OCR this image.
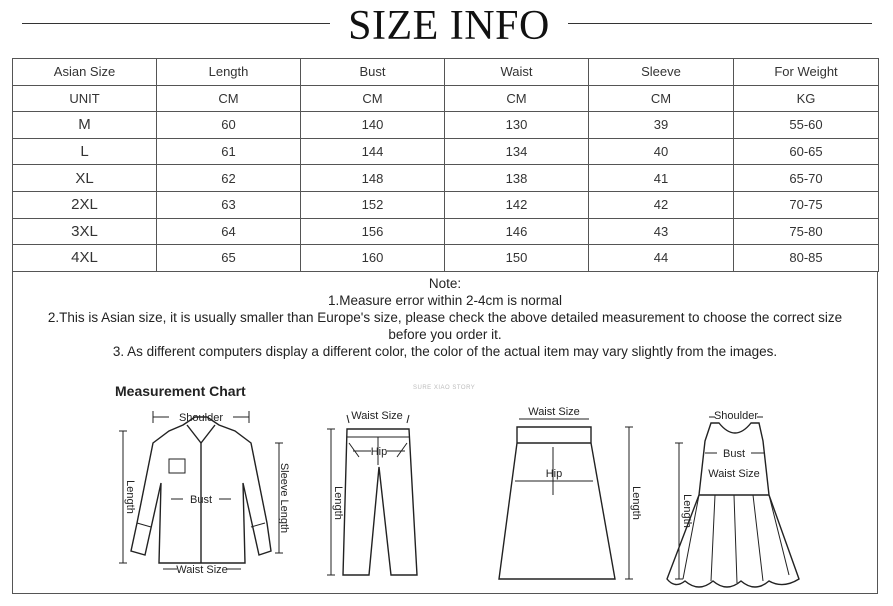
SIZE INFO
Asian Size	Length	Bust	Waist	Sleeve	For Weight
UNIT	CM	CM	CM	CM	KG
M	60	140	130	39	55-60
L	61	144	134	40	60-65
XL	62	148	138	41	65-70
2XL	63	152	142	42	70-75
3XL	64	156	146	43	75-80
4XL	65	160	150	44	80-85
Note:
1.Measure error within 2-4cm is normal
2.This is Asian size, it is usually smaller than Europe's size, please check the above detailed measurement to choose the correct size
before you order it.
3. As different computers display a different color, the color of the actual item may vary slightly from the images.
Measurement Chart	SURE XIAO STORY
Shoulder
Bust
Waist Size
Length	Sleeve Length
Waist Size
Hip
Length
Waist Size
Hip
Length
Shoulder
Bust
Waist Size
Length
